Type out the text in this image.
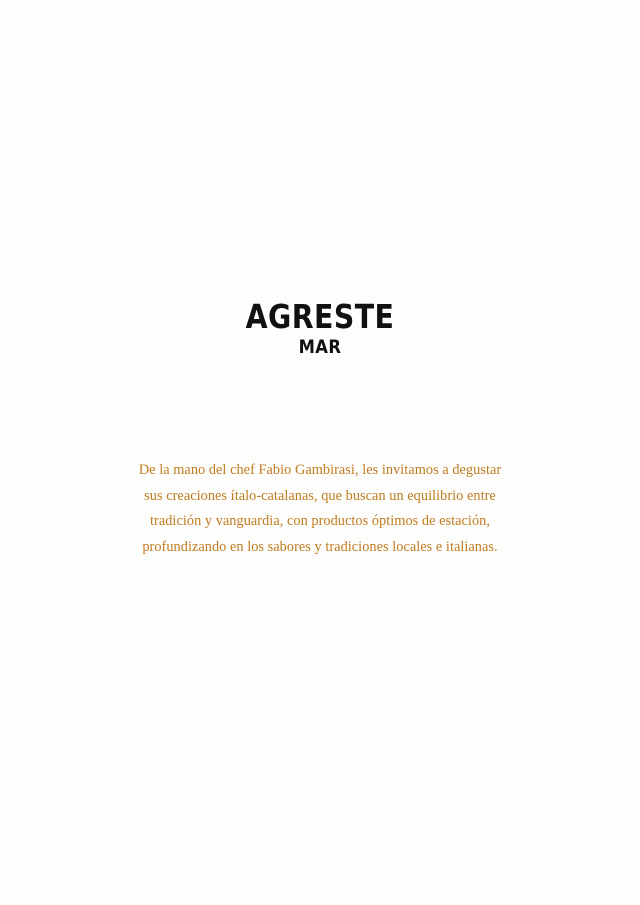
AGRESTE
MAR
De la mano del chef Fabio Gambirasi, les invitamos a degustar
sus creaciones ítalo-catalanas, que buscan un equilibrio entre
tradición y vanguardia, con productos óptimos de estación,
profundizando en los sabores y tradiciones locales e italianas.
